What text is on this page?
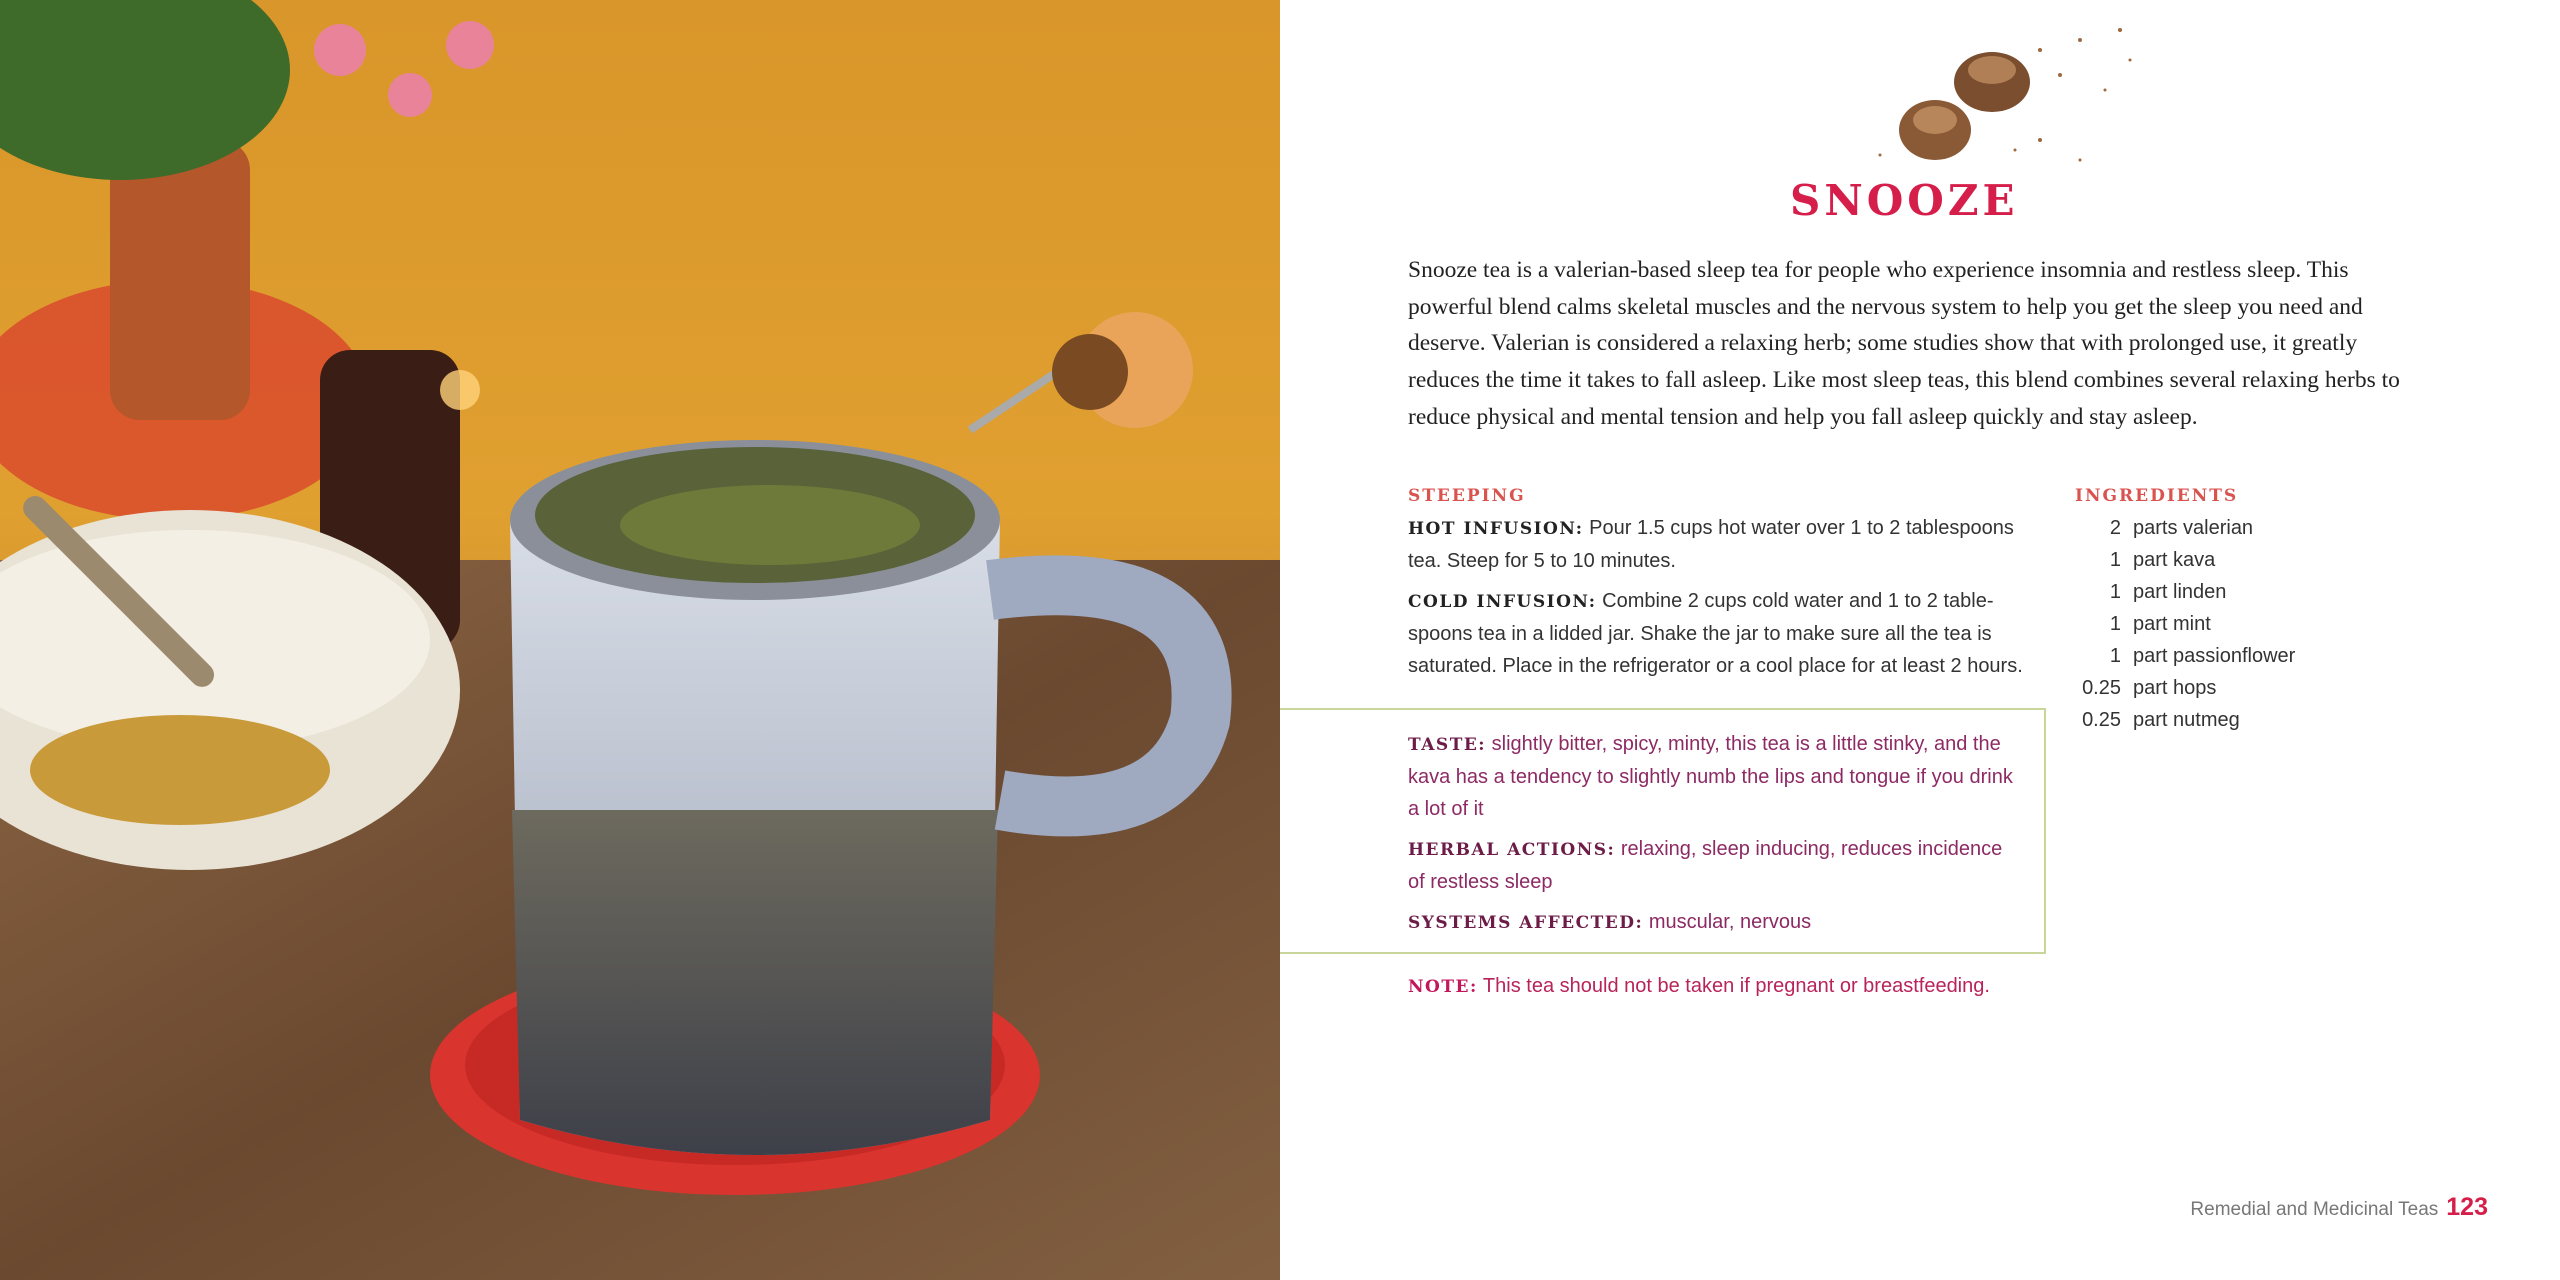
SNOOZE
Snooze tea is a valerian-based sleep tea for people who experience insomnia and restless sleep. This powerful blend calms skeletal muscles and the nervous system to help you get the sleep you need and deserve. Valerian is considered a relaxing herb; some studies show that with prolonged use, it greatly reduces the time it takes to fall asleep. Like most sleep teas, this blend combines several relaxing herbs to reduce physical and mental tension and help you fall asleep quickly and stay asleep.
STEEPING

HOT INFUSION: Pour 1.5 cups hot water over 1 to 2 tablespoons tea. Steep for 5 to 10 minutes.

COLD INFUSION: Combine 2 cups cold water and 1 to 2 tablespoons tea in a lidded jar. Shake the jar to make sure all the tea is saturated. Place in the refrigerator or a cool place for at least 2 hours.

INGREDIENTS
2 parts valerian
1 part kava
1 part linden
1 part mint
1 part passionflower
0.25 part hops
0.25 part nutmeg

TASTE: slightly bitter, spicy, minty, this tea is a little stinky, and the kava has a tendency to slightly numb the lips and tongue if you drink a lot of it

HERBAL ACTIONS: relaxing, sleep inducing, reduces incidence of restless sleep

SYSTEMS AFFECTED: muscular, nervous

NOTE: This tea should not be taken if pregnant or breastfeeding.
Remedial and Medicinal Teas 123
